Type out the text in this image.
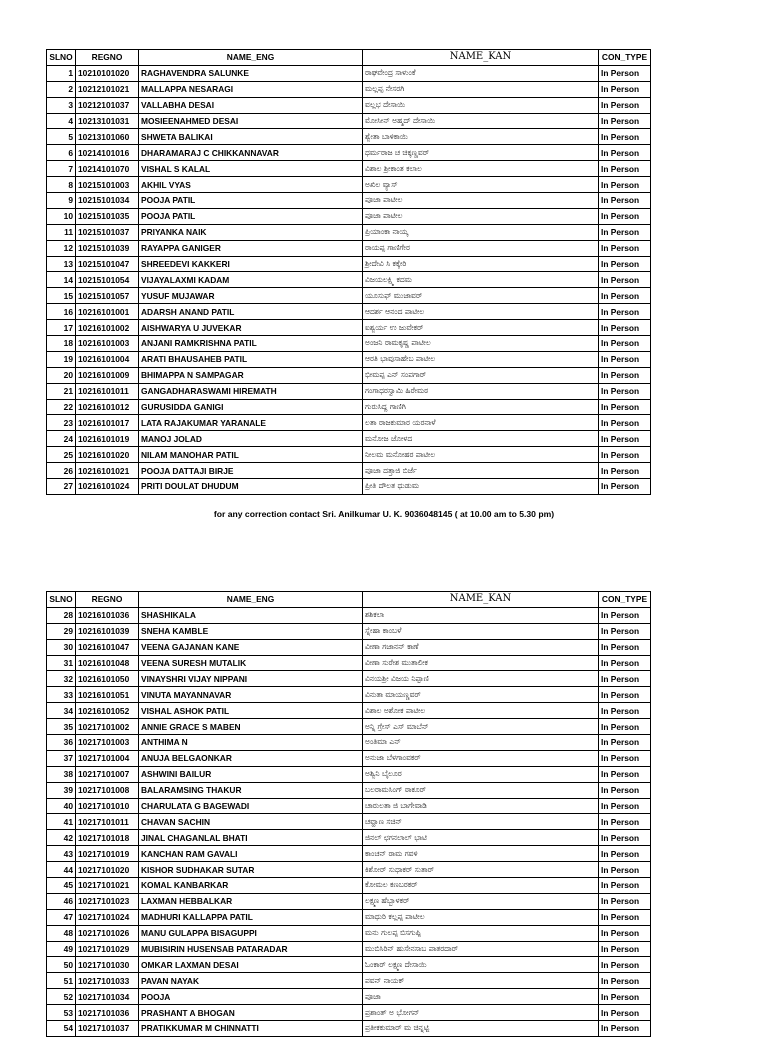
SLNO	REGNO	NAME_ENG	NAME_KAN	CON_TYPE
1	10210101020	RAGHAVENDRA SALUNKE	ರಾಘವೇಂದ್ರ ಸಾಳುಂಕೆ	In Person
2	10212101021	MALLAPPA NESARAGI	ಮಲ್ಲಪ್ಪ ನೇಸರಗಿ	In Person
3	10212101037	VALLABHA DESAI	ವಲ್ಲಭ ದೇಸಾಯಿ	In Person
4	10213101031	MOSIEENAHMED DESAI	ಮೋಸೀನ್ ಅಹ್ಮದ್ ದೇಸಾಯಿ	In Person
5	10213101060	SHWETA BALIKAI	ಶ್ವೇತಾ ಬಾಳಿಕಾಯಿ	In Person
6	10214101016	DHARAMARAJ C CHIKKANNAVAR	ಧರ್ಮರಾಜ ಚ ಚಿಕ್ಕಣ್ಣವರ್	In Person
7	10214101070	VISHAL S KALAL	ವಿಶಾಲ ಶ್ರೀಕಾಂತ ಕಲಾಲ	In Person
8	10215101003	AKHIL VYAS	ಅಖಿಲ ವ್ಯಾಸ್	In Person
9	10215101034	POOJA PATIL	ಪೂಜಾ ಪಾಟೀಲ	In Person
10	10215101035	POOJA PATIL	ಪೂಜಾ ಪಾಟೀಲ	In Person
11	10215101037	PRIYANKA NAIK	ಪ್ರಿಯಾಂಕಾ ನಾಯ್ಕ	In Person
12	10215101039	RAYAPPA GANIGER	ರಾಯಪ್ಪ ಗಾಣಿಗೇರ	In Person
13	10215101047	SHREEDEVI KAKKERI	ಶ್ರೀದೇವಿ ಸಿ ಕಕ್ಕೇರಿ	In Person
14	10215101054	VIJAYALAXMI KADAM	ವಿಜಯಲಕ್ಷ್ಮಿ ಕದಮ	In Person
15	10215101057	YUSUF MUJAWAR	ಯೂಸುಫ್ ಮುಜಾವರ್	In Person
16	10216101001	ADARSH ANAND PATIL	ಆದರ್ಶ ಆನಂದ ಪಾಟೀಲ	In Person
17	10216101002	AISHWARYA U JUVEKAR	ಐಶ್ವರ್ಯ ಉ ಜುವೇಕರ್	In Person
18	10216101003	ANJANI RAMKRISHNA PATIL	ಅಂಜನಿ ರಾಮಕೃಷ್ಣ ಪಾಟೀಲ	In Person
19	10216101004	ARATI BHAUSAHEB PATIL	ಆರತಿ ಭಾವುಸಾಹೇಬ ಪಾಟೀಲ	In Person
20	10216101009	BHIMAPPA N SAMPAGAR	ಭೀಮಪ್ಪ ಎನ್ ಸಂಪಗಾರ್	In Person
21	10216101011	GANGADHARASWAMI HIREMATH	ಗಂಗಾಧರಸ್ವಾಮಿ ಹಿರೇಮಠ	In Person
22	10216101012	GURUSIDDA GANIGI	ಗುರುಸಿದ್ದ ಗಾಣಿಗಿ	In Person
23	10216101017	LATA RAJAKUMAR YARANALE	ಲತಾ ರಾಜಕುಮಾರ ಯರನಾಳೆ	In Person
24	10216101019	MANOJ JOLAD	ಮನೋಜ ಜೋಳದ	In Person
25	10216101020	NILAM MANOHAR PATIL	ನೀಲಮ ಮನೋಹರ ಪಾಟೀಲ	In Person
26	10216101021	POOJA DATTAJI BIRJE	ಪೂಜಾ ದತ್ತಾಜಿ ಬಿರ್ಜೆ	In Person
27	10216101024	PRITI DOULAT DHUDUM	ಪ್ರೀತಿ ದೌಲತ ಧುಡುಮ	In Person
for any correction contact Sri. Anilkumar U. K. 9036048145 ( at 10.00 am to 5.30 pm)
SLNO	REGNO	NAME_ENG	NAME_KAN	CON_TYPE
28	10216101036	SHASHIKALA	ಶಶಿಕಲಾ	In Person
29	10216101039	SNEHA KAMBLE	ಸ್ನೇಹಾ ಕಾಂಬಳೆ	In Person
30	10216101047	VEENA GAJANAN KANE	ವೀಣಾ ಗಜಾನನ್ ಕಾಣೆ	In Person
31	10216101048	VEENA SURESH MUTALIK	ವೀಣಾ ಸುರೇಶ ಮುತಾಲೀಕ	In Person
32	10216101050	VINAYSHRI VIJAY NIPPANI	ವಿನಯಶ್ರೀ ವಿಜಯ ನಿಪ್ಪಾಣಿ	In Person
33	10216101051	VINUTA MAYANNAVAR	ವಿನುತಾ ಮಾಯಣ್ಣವರ್	In Person
34	10216101052	VISHAL ASHOK PATIL	ವಿಶಾಲ ಅಶೋಕ ಪಾಟೀಲ	In Person
35	10217101002	ANNIE GRACE S MABEN	ಅನ್ನಿ ಗ್ರೇಸ್ ಎಸ್ ಮಾಬೆನ್	In Person
36	10217101003	ANTHIMA N	ಅಂತಿಮಾ ಎನ್	In Person
37	10217101004	ANUJA BELGAONKAR	ಅನುಜಾ ಬೆಳಗಾಂವಕರ್	In Person
38	10217101007	ASHWINI BAILUR	ಅಶ್ವಿನಿ ಬೈಲೂರ	In Person
39	10217101008	BALARAMSING THAKUR	ಬಲರಾಮಸಿಂಗ್ ಠಾಕೂರ್	In Person
40	10217101010	CHARULATA G BAGEWADI	ಚಾರುಲತಾ ಜಿ ಬಾಗೇವಾಡಿ	In Person
41	10217101011	CHAVAN SACHIN	ಚವ್ಹಾಣ ಸಚಿನ್	In Person
42	10217101018	JINAL CHAGANLAL BHATI	ಜಿನಲ್ ಛಗನಲಾಲ್ ಭಾಟಿ	In Person
43	10217101019	KANCHAN RAM GAVALI	ಕಾಂಚನ್ ರಾಮ ಗವಳಿ	In Person
44	10217101020	KISHOR SUDHAKAR SUTAR	ಕಿಶೋರ್ ಸುಧಾಕರ್ ಸುತಾರ್	In Person
45	10217101021	KOMAL KANBARKAR	ಕೋಮಲ ಕಣಬರಕರ್	In Person
46	10217101023	LAXMAN HEBBALKAR	ಲಕ್ಷ್ಮಣ ಹೆಬ್ಬಾಳಕರ್	In Person
47	10217101024	MADHURI KALLAPPA PATIL	ಮಾಧುರಿ ಕಲ್ಲಪ್ಪ ಪಾಟೀಲ	In Person
48	10217101026	MANU GULAPPA BISAGUPPI	ಮನು ಗುಲಪ್ಪ ಬಿಸಗುಪ್ಪಿ	In Person
49	10217101029	MUBISIRIN HUSENSAB PATARADAR	ಮುಬಿಸಿರಿನ್ ಹುಸೇನಸಾಬ ಪಾತರದಾರ್	In Person
50	10217101030	OMKAR LAXMAN DESAI	ಓಂಕಾರ್ ಲಕ್ಷ್ಮಣ ದೇಸಾಯಿ	In Person
51	10217101033	PAVAN NAYAK	ಪವನ್ ನಾಯಕ್	In Person
52	10217101034	POOJA	ಪೂಜಾ	In Person
53	10217101036	PRASHANT A BHOGAN	ಪ್ರಶಾಂತ್ ಅ ಭೋಗನ್	In Person
54	10217101037	PRATIKKUMAR M CHINNATTI	ಪ್ರತೀಕಕುಮಾರ್ ಮ ಚಿನ್ನಟ್ಟಿ	In Person
